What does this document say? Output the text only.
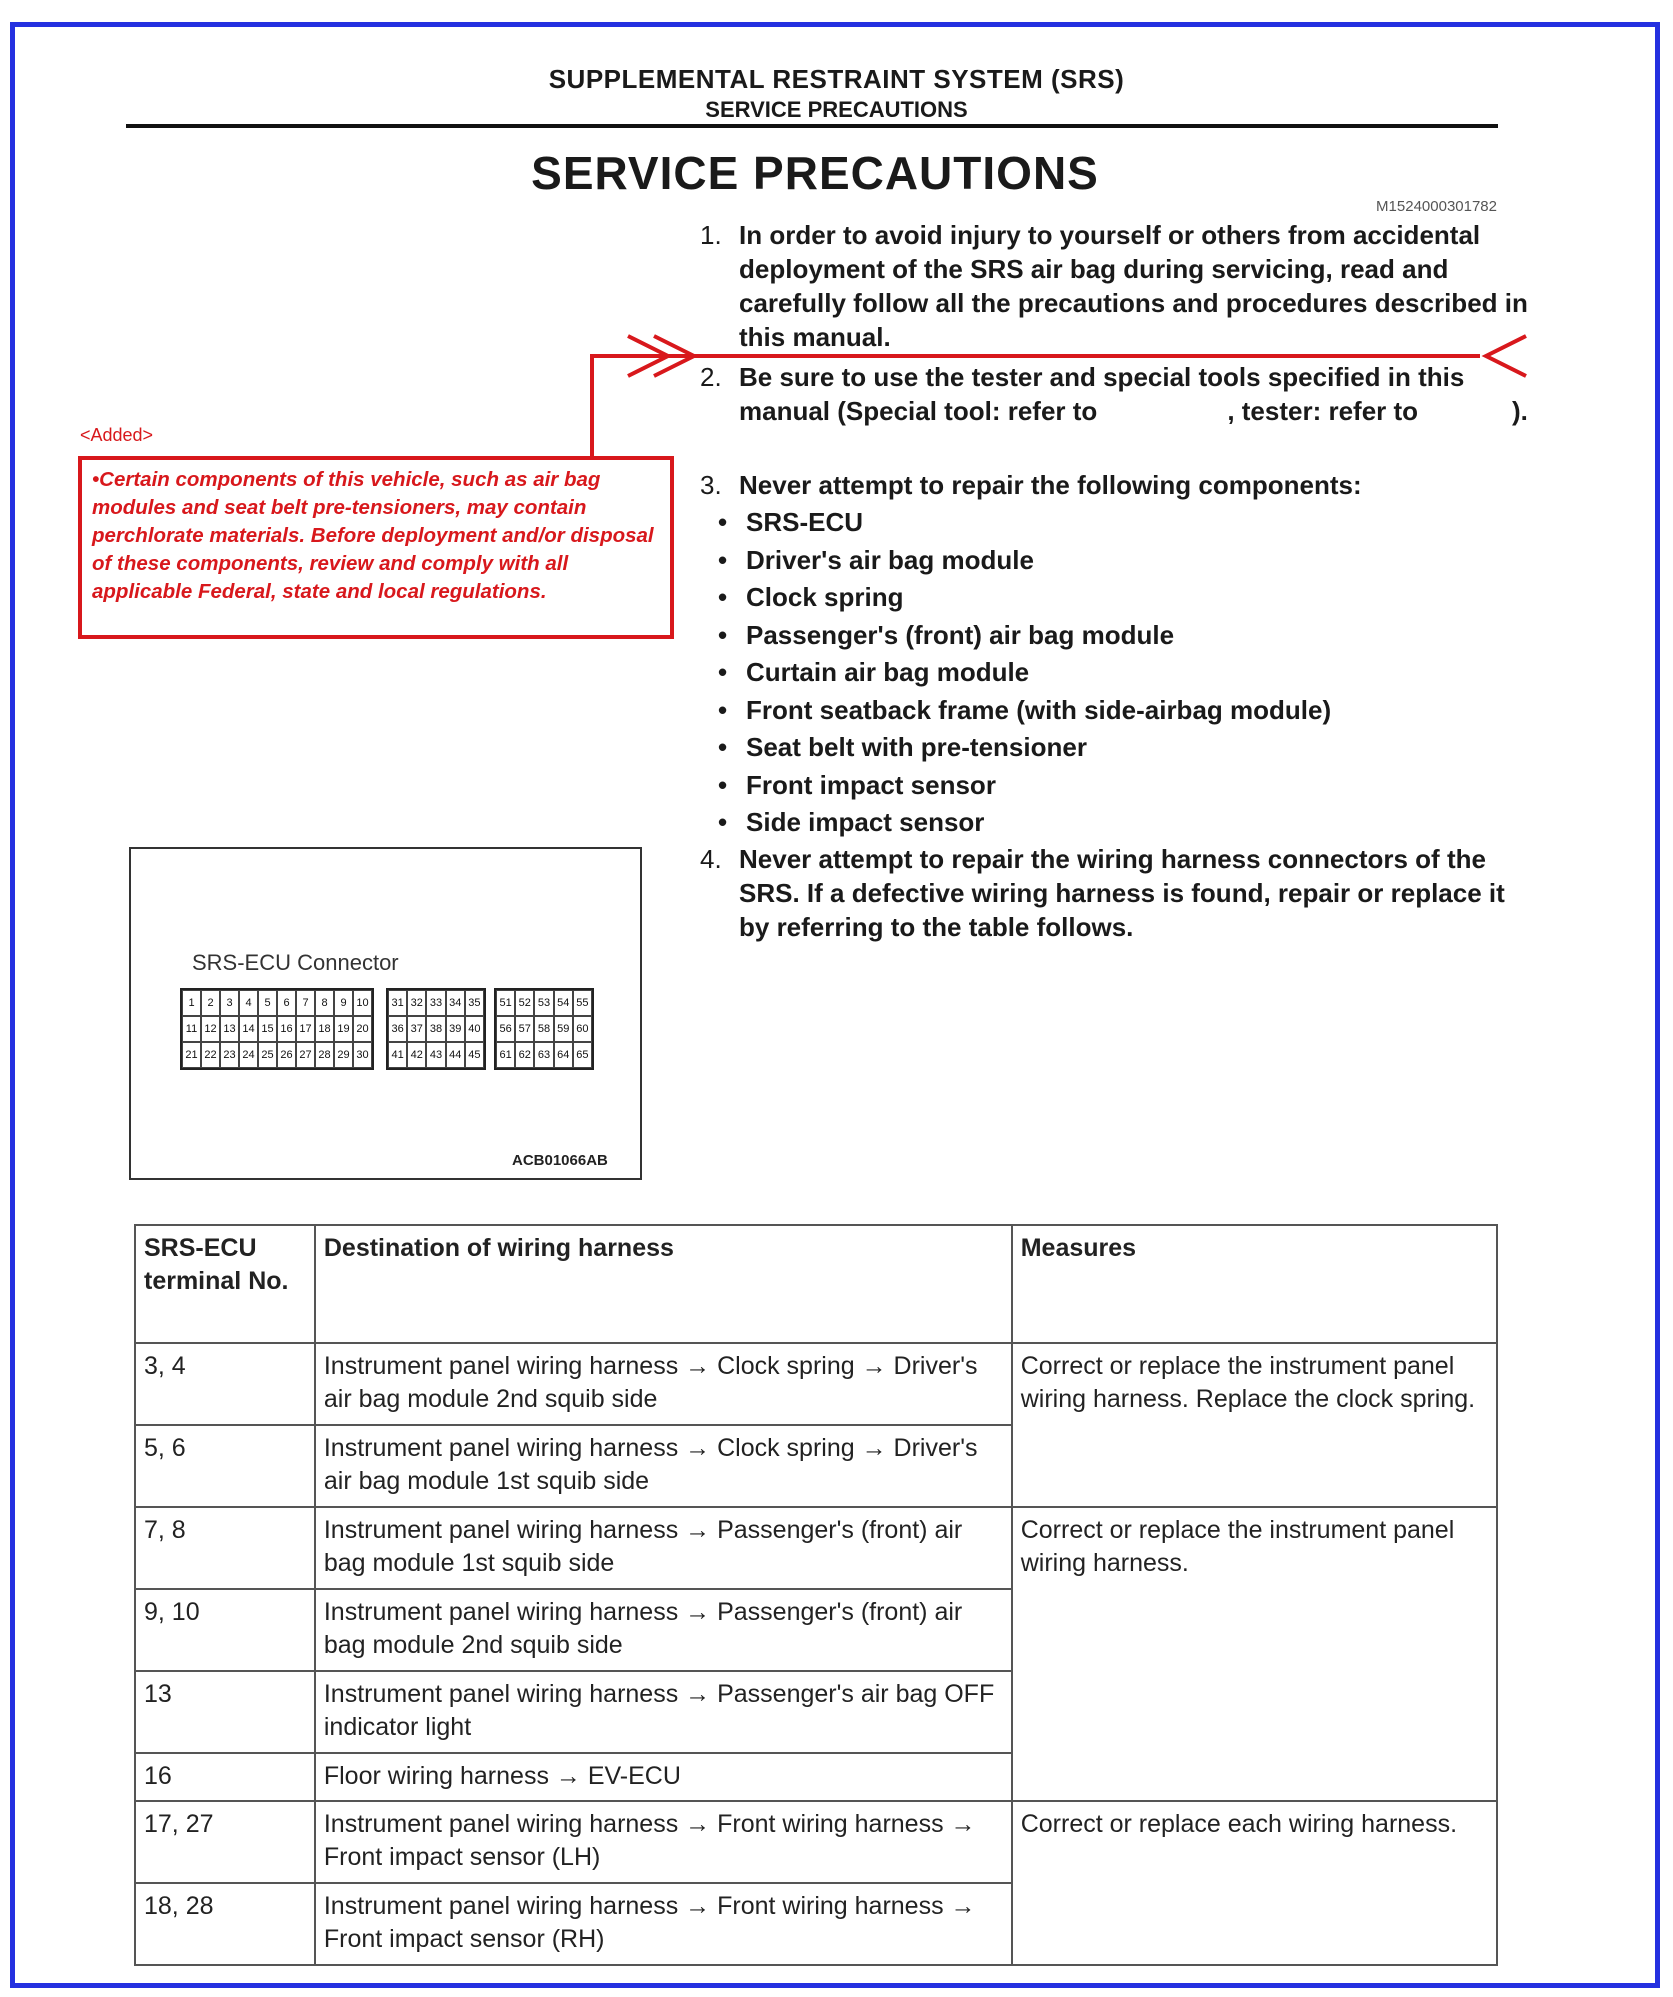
SUPPLEMENTAL RESTRAINT SYSTEM (SRS)
SERVICE PRECAUTIONS
SERVICE PRECAUTIONS
M1524000301782
1. In order to avoid injury to yourself or others from accidental deployment of the SRS air bag during servicing, read and carefully follow all the precautions and procedures described in this manual.
2. Be sure to use the tester and special tools specified in this manual (Special tool: refer to                  , tester: refer to             ).
3. Never attempt to repair the following components:
• SRS-ECU
• Driver's air bag module
• Clock spring
• Passenger's (front) air bag module
• Curtain air bag module
• Front seatback frame (with side-airbag module)
• Seat belt with pre-tensioner
• Front impact sensor
• Side impact sensor
4. Never attempt to repair the wiring harness connectors of the SRS. If a defective wiring harness is found, repair or replace it by referring to the table follows.
<Added>
•Certain components of this vehicle, such as air bag modules and seat belt pre-tensioners, may contain perchlorate materials. Before deployment and/or disposal of these components, review and comply with all applicable Federal, state and local regulations.
SRS-ECU Connector
ACB01066AB
1	2	3	4	5	6	7	8	9 10
11 12 13 14 15 16 17 18 19 20
21 22 23 24 25 26 27 28 29 30
31 32 33 34 35
36 37 38 39 40
41 42 43 44 45
51 52 53 54 55
56 57 58 59 60
61 62 63 64 65
SRS-ECU terminal No.	Destination of wiring harness	Measures
3, 4	Instrument panel wiring harness → Clock spring → Driver's air bag module 2nd squib side	Correct or replace the instrument panel wiring harness. Replace the clock spring.
5, 6	Instrument panel wiring harness → Clock spring → Driver's air bag module 1st squib side	
7, 8	Instrument panel wiring harness → Passenger's (front) air bag module 1st squib side	Correct or replace the instrument panel wiring harness.
9, 10	Instrument panel wiring harness → Passenger's (front) air bag module 2nd squib side	
13	Instrument panel wiring harness → Passenger's air bag OFF indicator light	
16	Floor wiring harness → EV-ECU	
17, 27	Instrument panel wiring harness → Front wiring harness → Front impact sensor (LH)	Correct or replace each wiring harness.
18, 28	Instrument panel wiring harness → Front wiring harness → Front impact sensor (RH)	
